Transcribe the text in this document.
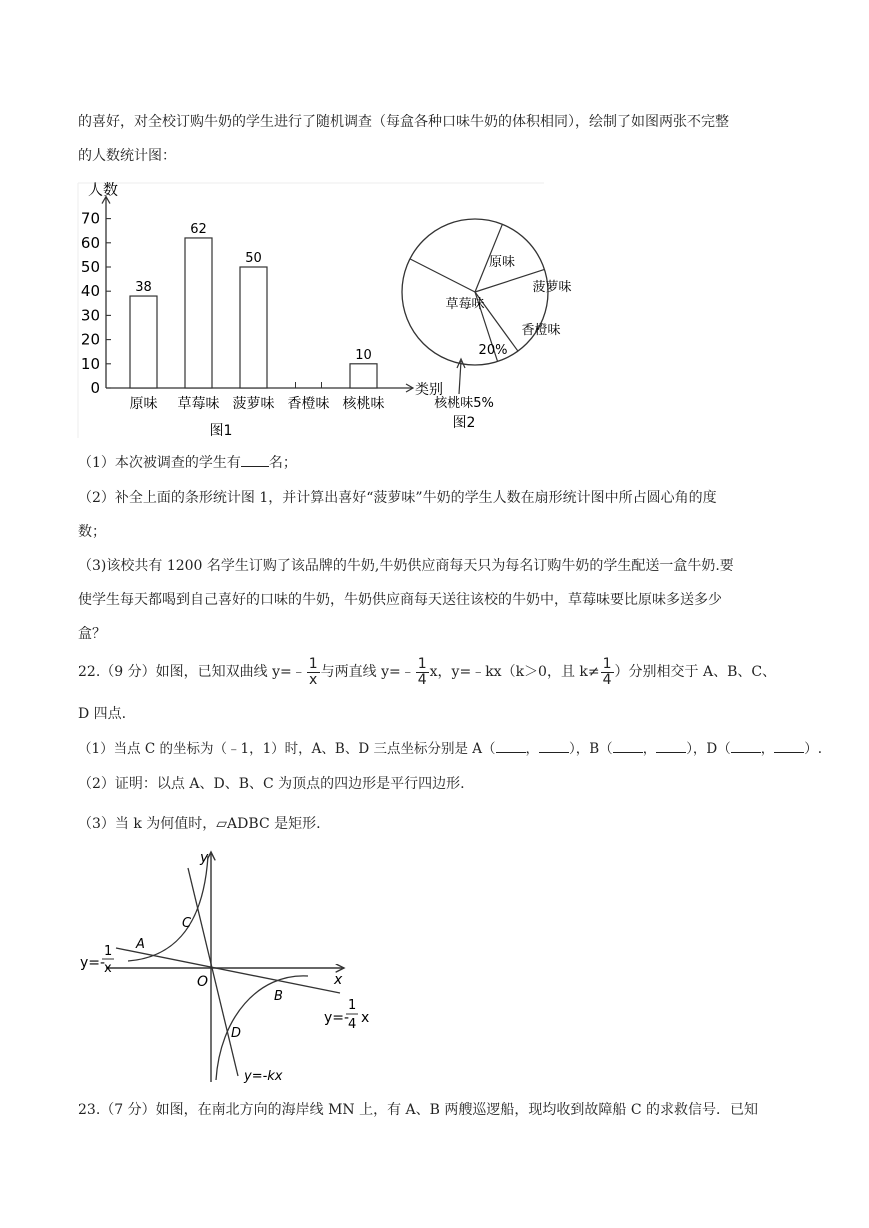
的喜好，对全校订购牛奶的学生进行了随机调查（每盒各种口味牛奶的体积相同），绘制了如图两张不完整
的人数统计图：
人数
类别
0
10
20
30
40
50
60
70
38
原味
62
草莓味
50
菠萝味 香橙味
10
核桃味
图1
原味
菠萝味
香橙味
草莓味
20%
核桃味5%
图2
（1）本次被调查的学生有 名；
（2）补全上面的条形统计图 1，并计算出喜好“菠萝味”牛奶的学生人数在扇形统计图中所占圆心角的度
数；
（3)该校共有 1200 名学生订购了该品牌的牛奶,牛奶供应商每天只为每名订购牛奶的学生配送一盒牛奶.要
使学生每天都喝到自己喜好的口味的牛奶，牛奶供应商每天送往该校的牛奶中，草莓味要比原味多送多少
盒？
22.（9 分）如图，已知双曲线 y=﹣ $\frac{1}{x}$ 与两直线 y=﹣ $\frac{1}{4}$ x，y=﹣kx（k＞0，且 $k\ne \frac{1}{4}$ ）分别相交于 A、B、C、
D 四点.
（1）当点 C 的坐标为（﹣1，1）时，A、B、D 三点坐标分别是 A（ ， ），B（ ， ），D（ ， ）.
（2）证明：以点 A、D、B、C 为顶点的四边形是平行四边形.
（3）当 k 为何值时，▱ADBC 是矩形.
y
x
O
A
B
C
D
y=-
1
x
y=-
1
4 x
y=-kx
23.（7 分）如图，在南北方向的海岸线 MN 上，有 A、B 两艘巡逻船，现均收到故障船 C 的求救信号．已知
